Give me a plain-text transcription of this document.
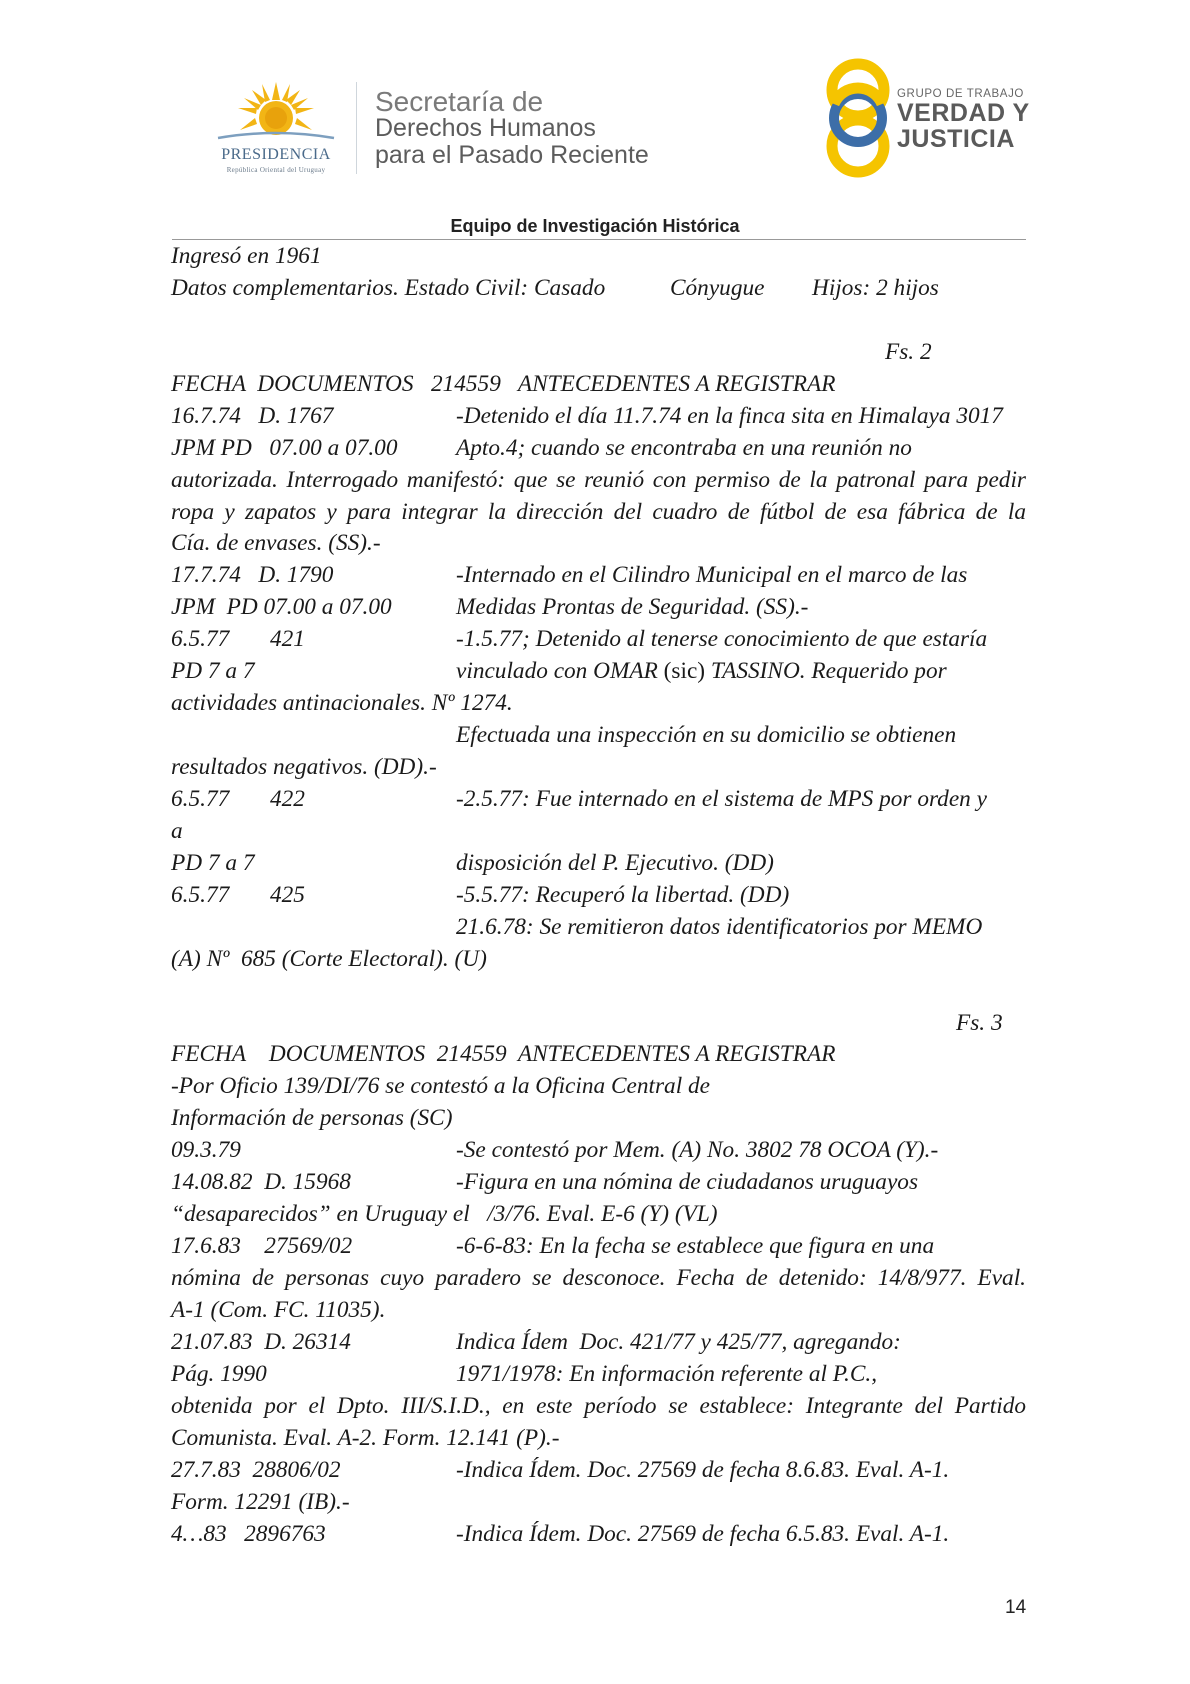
PRESIDENCIA
República Oriental del Uruguay
Secretaría de
Derechos Humanos
para el Pasado Reciente
GRUPO DE TRABAJO
VERDAD Y
JUSTICIA
Equipo de Investigación Histórica
Ingresó en 1961
Datos complementarios. Estado Civil: Casado	Cónyugue Hijos: 2 hijos
Fs. 2
FECHA  DOCUMENTOS   214559   ANTECEDENTES A REGISTRAR
16.7.74   D. 1767	-Detenido el día 11.7.74 en la finca sita en Himalaya 3017
JPM PD   07.00 a 07.00	Apto.4; cuando se encontraba en una reunión no
autorizada. Interrogado manifestó: que se reunió con permiso de la patronal para pedir
ropa y zapatos y para integrar la dirección del cuadro de fútbol de esa fábrica de la
Cía. de envases. (SS).-
17.7.74   D. 1790	-Internado en el Cilindro Municipal en el marco de las
JPM  PD 07.00 a 07.00	Medidas Prontas de Seguridad. (SS).-
6.5.77       421	-1.5.77; Detenido al tenerse conocimiento de que estaría
PD 7 a 7	vinculado con OMAR (sic) TASSINO. Requerido por
actividades antinacionales. Nº 1274.
Efectuada una inspección en su domicilio se obtienen
resultados negativos. (DD).-
6.5.77       422	-2.5.77: Fue internado en el sistema de MPS por orden y
a
PD 7 a 7	disposición del P. Ejecutivo. (DD)
6.5.77       425	-5.5.77: Recuperó la libertad. (DD)
21.6.78: Se remitieron datos identificatorios por MEMO
(A) Nº  685 (Corte Electoral). (U)
Fs. 3
FECHA    DOCUMENTOS  214559  ANTECEDENTES A REGISTRAR
-Por Oficio 139/DI/76 se contestó a la Oficina Central de
Información de personas (SC)
09.3.79	-Se contestó por Mem. (A) No. 3802 78 OCOA (Y).-
14.08.82  D. 15968	-Figura en una nómina de ciudadanos uruguayos
“desaparecidos” en Uruguay el   /3/76. Eval. E-6 (Y) (VL)
17.6.83    27569/02	-6-6-83: En la fecha se establece que figura en una
nómina de personas cuyo paradero se desconoce. Fecha de detenido: 14/8/977. Eval.
A-1 (Com. FC. 11035).
21.07.83  D. 26314	Indica Ídem  Doc. 421/77 y 425/77, agregando:
Pág. 1990	1971/1978: En información referente al P.C.,
obtenida por el Dpto. III/S.I.D., en este período se establece: Integrante del Partido
Comunista. Eval. A-2. Form. 12.141 (P).-
27.7.83  28806/02	-Indica Ídem. Doc. 27569 de fecha 8.6.83. Eval. A-1.
Form. 12291 (IB).-
4…83   2896763	-Indica Ídem. Doc. 27569 de fecha 6.5.83. Eval. A-1.
14
